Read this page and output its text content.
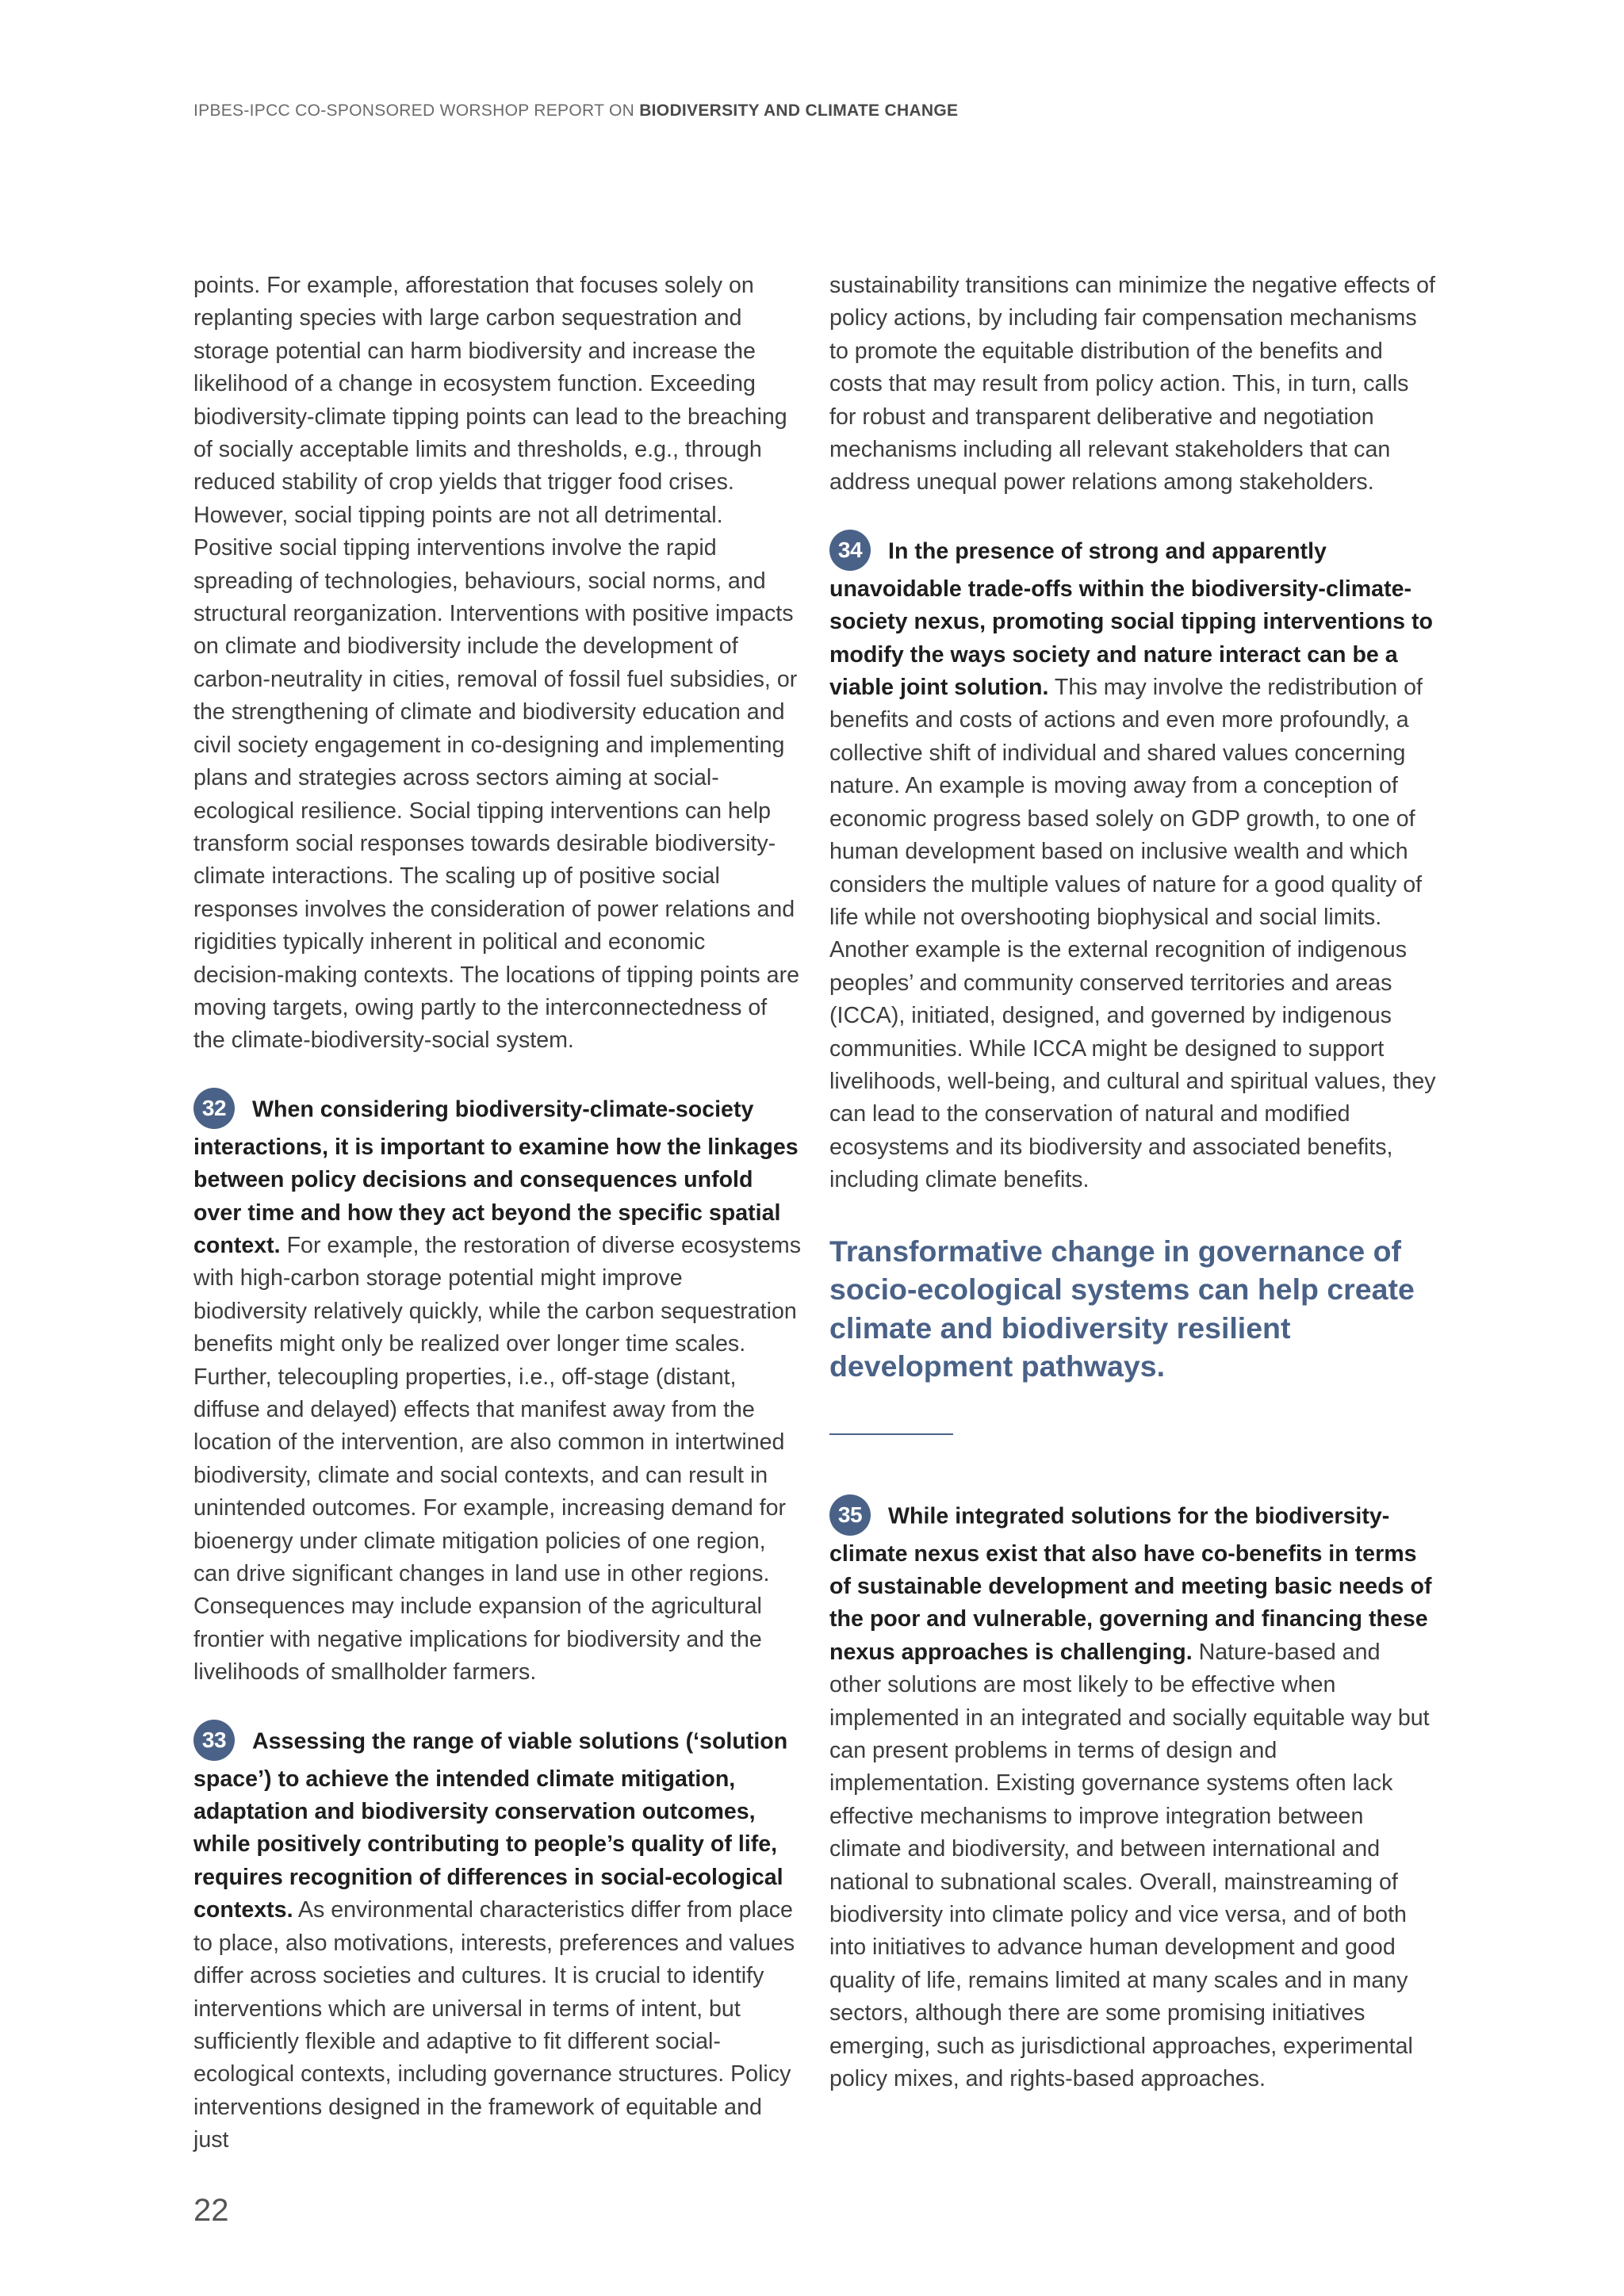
IPBES-IPCC CO-SPONSORED WORSHOP REPORT ON BIODIVERSITY AND CLIMATE CHANGE

points. For example, afforestation that focuses solely on replanting species with large carbon sequestration and storage potential can harm biodiversity and increase the likelihood of a change in ecosystem function. Exceeding biodiversity-climate tipping points can lead to the breaching of socially acceptable limits and thresholds, e.g., through reduced stability of crop yields that trigger food crises. However, social tipping points are not all detrimental. Positive social tipping interventions involve the rapid spreading of technologies, behaviours, social norms, and structural reorganization. Interventions with positive impacts on climate and biodiversity include the development of carbon-neutrality in cities, removal of fossil fuel subsidies, or the strengthening of climate and biodiversity education and civil society engagement in co-designing and implementing plans and strategies across sectors aiming at social-ecological resilience. Social tipping interventions can help transform social responses towards desirable biodiversity-climate interactions. The scaling up of positive social responses involves the consideration of power relations and rigidities typically inherent in political and economic decision-making contexts. The locations of tipping points are moving targets, owing partly to the interconnectedness of the climate-biodiversity-social system.

32 When considering biodiversity-climate-society interactions, it is important to examine how the linkages between policy decisions and consequences unfold over time and how they act beyond the specific spatial context. For example, the restoration of diverse ecosystems with high-carbon storage potential might improve biodiversity relatively quickly, while the carbon sequestration benefits might only be realized over longer time scales. Further, telecoupling properties, i.e., off-stage (distant, diffuse and delayed) effects that manifest away from the location of the intervention, are also common in intertwined biodiversity, climate and social contexts, and can result in unintended outcomes. For example, increasing demand for bioenergy under climate mitigation policies of one region, can drive significant changes in land use in other regions. Consequences may include expansion of the agricultural frontier with negative implications for biodiversity and the livelihoods of smallholder farmers.

33 Assessing the range of viable solutions (‘solution space’) to achieve the intended climate mitigation, adaptation and biodiversity conservation outcomes, while positively contributing to people’s quality of life, requires recognition of differences in social-ecological contexts. As environmental characteristics differ from place to place, also motivations, interests, preferences and values differ across societies and cultures. It is crucial to identify interventions which are universal in terms of intent, but sufficiently flexible and adaptive to fit different social-ecological contexts, including governance structures. Policy interventions designed in the framework of equitable and just

sustainability transitions can minimize the negative effects of policy actions, by including fair compensation mechanisms to promote the equitable distribution of the benefits and costs that may result from policy action. This, in turn, calls for robust and transparent deliberative and negotiation mechanisms including all relevant stakeholders that can address unequal power relations among stakeholders.

34 In the presence of strong and apparently unavoidable trade-offs within the biodiversity-climate-society nexus, promoting social tipping interventions to modify the ways society and nature interact can be a viable joint solution. This may involve the redistribution of benefits and costs of actions and even more profoundly, a collective shift of individual and shared values concerning nature. An example is moving away from a conception of economic progress based solely on GDP growth, to one of human development based on inclusive wealth and which considers the multiple values of nature for a good quality of life while not overshooting biophysical and social limits. Another example is the external recognition of indigenous peoples’ and community conserved territories and areas (ICCA), initiated, designed, and governed by indigenous communities. While ICCA might be designed to support livelihoods, well-being, and cultural and spiritual values, they can lead to the conservation of natural and modified ecosystems and its biodiversity and associated benefits, including climate benefits.

Transformative change in governance of socio-ecological systems can help create climate and biodiversity resilient development pathways.

35 While integrated solutions for the biodiversity-climate nexus exist that also have co-benefits in terms of sustainable development and meeting basic needs of the poor and vulnerable, governing and financing these nexus approaches is challenging. Nature-based and other solutions are most likely to be effective when implemented in an integrated and socially equitable way but can present problems in terms of design and implementation. Existing governance systems often lack effective mechanisms to improve integration between climate and biodiversity, and between international and national to subnational scales. Overall, mainstreaming of biodiversity into climate policy and vice versa, and of both into initiatives to advance human development and good quality of life, remains limited at many scales and in many sectors, although there are some promising initiatives emerging, such as jurisdictional approaches, experimental policy mixes, and rights-based approaches.

22
